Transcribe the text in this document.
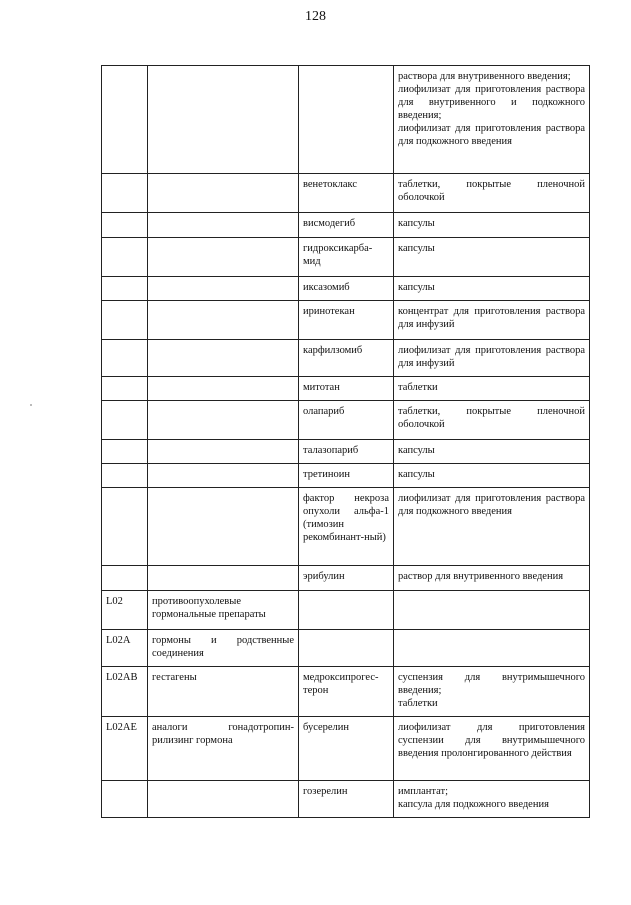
128

			раствора для внутривенного введения;
лиофилизат для приготовления раствора для внутривенного и подкожного введения;
лиофилизат для приготовления раствора для подкожного введения

		венетоклакс	таблетки, покрытые пленочной оболочкой

		висмодегиб	капсулы

		гидроксикарба-мид	капсулы

		иксазомиб	капсулы

		иринотекан	концентрат для приготовления раствора для инфузий

		карфилзомиб	лиофилизат для приготовления раствора для инфузий

		митотан	таблетки

		олапариб	таблетки, покрытые пленочной оболочкой

		талазопариб	капсулы

		третиноин	капсулы

		фактор некроза опухоли альфа-1 (тимозин рекомбинант-ный)	лиофилизат для приготовления раствора для подкожного введения

		эрибулин	раствор для внутривенного введения

L02	противоопухолевые гормональные препараты		

L02A	гормоны и родственные соединения		

L02AB	гестагены	медроксипрогес-терон	суспензия для внутримышечного введения;
таблетки

L02AE	аналоги гонадотропин-рилизинг гормона	бусерелин	лиофилизат для приготовления суспензии для внутримышечного введения пролонгированного действия

		гозерелин	имплантат;
капсула для подкожного введения
